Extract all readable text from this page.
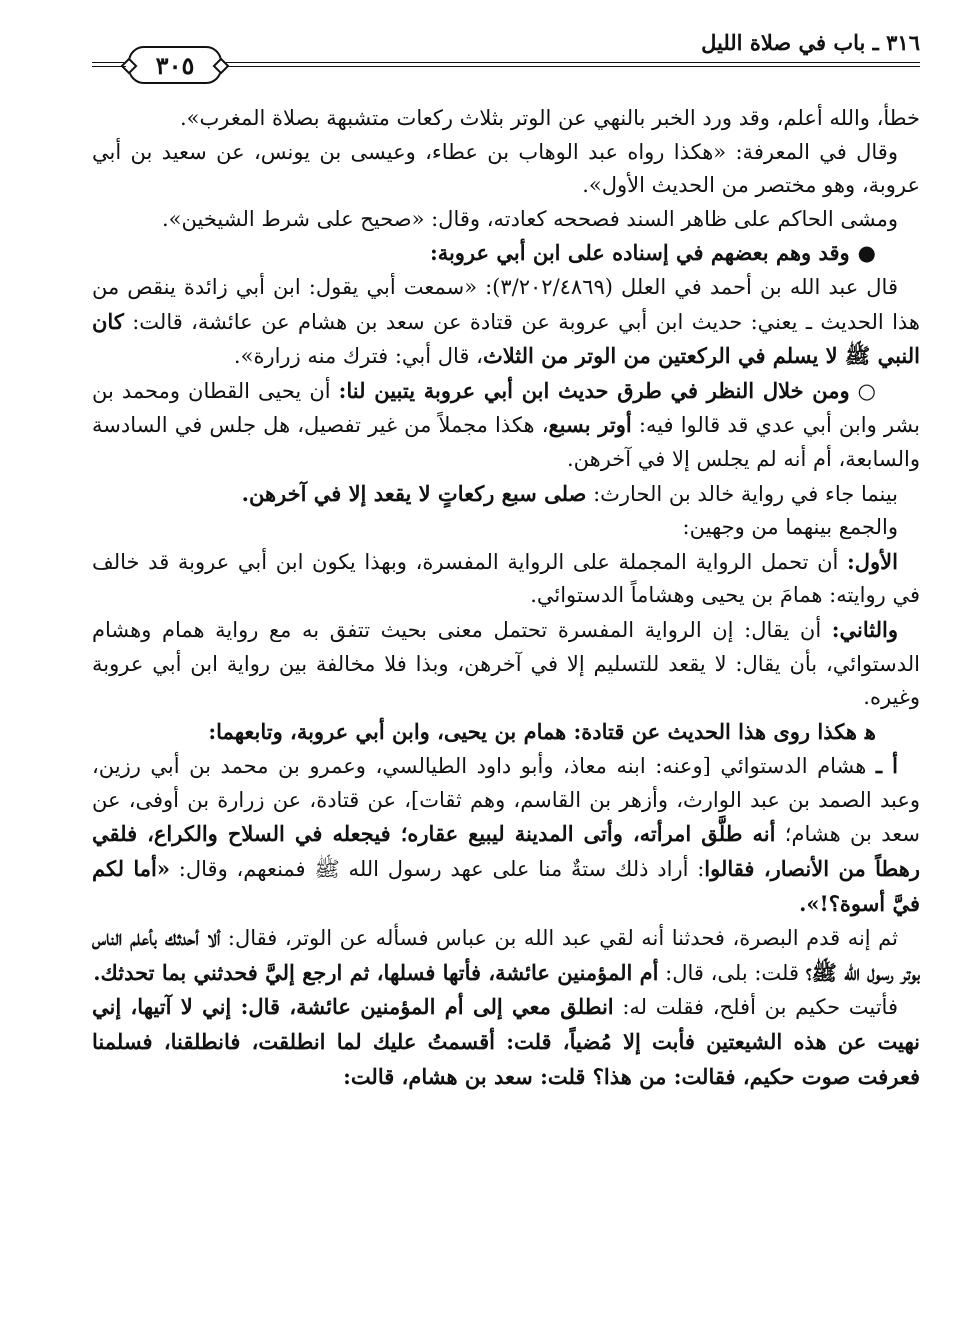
٣١٦ ـ باب في صلاة الليل
٣٠٥

خطأ، والله أعلم، وقد ورد الخبر بالنهي عن الوتر بثلاث ركعات متشبهة بصلاة المغرب».

وقال في المعرفة: «هكذا رواه عبد الوهاب بن عطاء، وعيسى بن يونس، عن سعيد بن أبي عروبة، وهو مختصر من الحديث الأول».

ومشى الحاكم على ظاهر السند فصححه كعادته، وقال: «صحيح على شرط الشيخين».

●وقد وهم بعضهم في إسناده على ابن أبي عروبة:

قال عبد الله بن أحمد في العلل (٣/٢٠٢/٤٨٦٩): «سمعت أبي يقول: ابن أبي زائدة ينقص من هذا الحديث ـ يعني: حديث ابن أبي عروبة عن قتادة عن سعد بن هشام عن عائشة، قالت: كان النبي ﷺ لا يسلم في الركعتين من الوتر من الثلاث، قال أبي: فترك منه زرارة».

○ومن خلال النظر في طرق حديث ابن أبي عروبة يتبين لنا: أن يحيى القطان ومحمد بن بشر وابن أبي عدي قد قالوا فيه: أوتر بسبع، هكذا مجملاً من غير تفصيل، هل جلس في السادسة والسابعة، أم أنه لم يجلس إلا في آخرهن.

بينما جاء في رواية خالد بن الحارث: صلى سبع ركعاتٍ لا يقعد إلا في آخرهن.

والجمع بينهما من وجهين:

الأول: أن تحمل الرواية المجملة على الرواية المفسرة، وبهذا يكون ابن أبي عروبة قد خالف في روايته: همامَ بن يحيى وهشاماً الدستوائي.

والثاني: أن يقال: إن الرواية المفسرة تحتمل معنى بحيث تتفق به مع رواية همام وهشام الدستوائي، بأن يقال: لا يقعد للتسليم إلا في آخرهن، وبذا فلا مخالفة بين رواية ابن أبي عروبة وغيره.

ﻫهكذا روى هذا الحديث عن قتادة: همام بن يحيى، وابن أبي عروبة، وتابعهما:

أ ـ هشام الدستوائي [وعنه: ابنه معاذ، وأبو داود الطيالسي، وعمرو بن محمد بن أبي رزين، وعبد الصمد بن عبد الوارث، وأزهر بن القاسم، وهم ثقات]، عن قتادة، عن زرارة بن أوفى، عن سعد بن هشام؛ أنه طلَّق امرأته، وأتى المدينة ليبيع عقاره؛ فيجعله في السلاح والكراع، فلقي رهطاً من الأنصار، فقالوا: أراد ذلك ستةٌ منا على عهد رسول الله ﷺ فمنعهم، وقال: «أما لكم فيَّ أسوة؟!».

ثم إنه قدم البصرة، فحدثنا أنه لقي عبد الله بن عباس فسأله عن الوتر، فقال: ألا أحدثك بأعلم الناس بوتر رسول الله ﷺ؟ قلت: بلى، قال: أم المؤمنين عائشة، فأتها فسلها، ثم ارجع إليَّ فحدثني بما تحدثك.

فأتيت حكيم بن أفلح، فقلت له: انطلق معي إلى أم المؤمنين عائشة، قال: إني لا آتيها، إني نهيت عن هذه الشيعتين فأبت إلا مُضياً، قلت: أقسمتُ عليك لما انطلقت، فانطلقنا، فسلمنا فعرفت صوت حكيم، فقالت: من هذا؟ قلت: سعد بن هشام، قالت:
